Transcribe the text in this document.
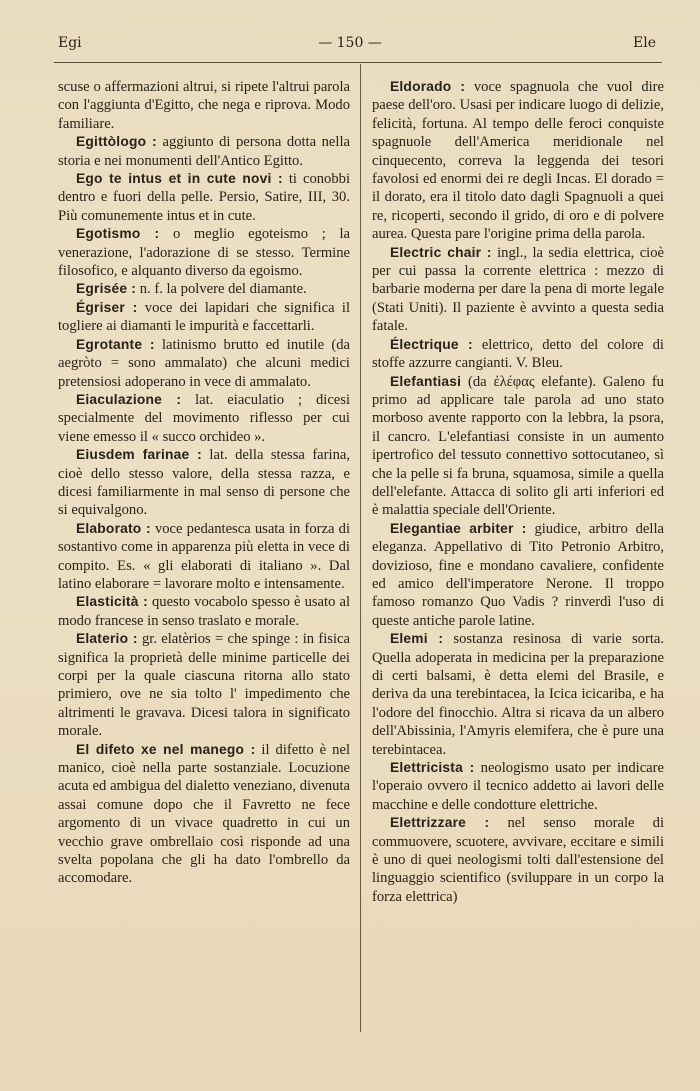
Egi	— 150 —	Ele

scuse o affermazioni altrui, si ripete l'altrui parola con l'aggiunta d'Egitto, che nega e riprova. Modo familiare.

Egittòlogo : aggiunto di persona dotta nella storia e nei monumenti dell'Antico Egitto.

Ego te intus et in cute novi : ti conobbi dentro e fuori della pelle. Persio, Satire, III, 30. Più comunemente intus et in cute.

Egotismo : o meglio egoteismo ; la venerazione, l'adorazione di se stesso. Termine filosofico, e alquanto diverso da egoismo.

Egrisée : n. f. la polvere del diamante.

Égriser : voce dei lapidari che significa il togliere ai diamanti le impurità e faccettarli.

Egrotante : latinismo brutto ed inutile (da aegròto = sono ammalato) che alcuni medici pretensiosi adoperano in vece di ammalato.

Eiaculazione : lat. eiaculatio ; dicesi specialmente del movimento riflesso per cui viene emesso il « succo orchideo ».

Eiusdem farinae : lat. della stessa farina, cioè dello stesso valore, della stessa razza, e dicesi familiarmente in mal senso di persone che si equivalgono.

Elaborato : voce pedantesca usata in forza di sostantivo come in apparenza più eletta in vece di compito. Es. « gli elaborati di italiano ». Dal latino elaborare = lavorare molto e intensamente.

Elasticità : questo vocabolo spesso è usato al modo francese in senso traslato e morale.

Elaterio : gr. elatèrios = che spinge : in fisica significa la proprietà delle minime particelle dei corpi per la quale ciascuna ritorna allo stato primiero, ove ne sia tolto l' impedimento che altrimenti le gravava. Dicesi talora in significato morale.

El difeto xe nel manego : il difetto è nel manico, cioè nella parte sostanziale. Locuzione acuta ed ambigua del dialetto veneziano, divenuta assai comune dopo che il Favretto ne fece argomento di un vivace quadretto in cui un vecchio grave ombrellaio così risponde ad una svelta popolana che gli ha dato l'ombrello da accomodare.

Eldorado : voce spagnuola che vuol dire paese dell'oro. Usasi per indicare luogo di delizie, felicità, fortuna. Al tempo delle feroci conquiste spagnuole dell'America meridionale nel cinquecento, correva la leggenda dei tesori favolosi ed enormi dei re degli Incas. El dorado = il dorato, era il titolo dato dagli Spagnuoli a quei re, ricoperti, secondo il grido, di oro e di polvere aurea. Questa pare l'origine prima della parola.

Electric chair : ingl., la sedia elettrica, cioè per cui passa la corrente elettrica : mezzo di barbarie moderna per dare la pena di morte legale (Stati Uniti). Il paziente è avvinto a questa sedia fatale.

Électrique : elettrico, detto del colore di stoffe azzurre cangianti. V. Bleu.

Elefantiasi (da ἐλέφας elefante). Galeno fu primo ad applicare tale parola ad uno stato morboso avente rapporto con la lebbra, la psora, il cancro. L'elefantiasi consiste in un aumento ipertrofico del tessuto connettivo sottocutaneo, sì che la pelle si fa bruna, squamosa, simile a quella dell'elefante. Attacca di solito gli arti inferiori ed è malattia speciale dell'Oriente.

Elegantiae arbiter : giudice, arbitro della eleganza. Appellativo di Tito Petronio Arbitro, dovizioso, fine e mondano cavaliere, confidente ed amico dell'imperatore Nerone. Il troppo famoso romanzo Quo Vadis ? rinverdì l'uso di queste antiche parole latine.

Elemi : sostanza resinosa di varie sorta. Quella adoperata in medicina per la preparazione di certi balsami, è detta elemi del Brasile, e deriva da una terebintacea, la Icica icicariba, e ha l'odore del finocchio. Altra si ricava da un albero dell'Abissinia, l'Amyris elemifera, che è pure una terebintacea.

Elettricista : neologismo usato per indicare l'operaio ovvero il tecnico addetto ai lavori delle macchine e delle condotture elettriche.

Elettrizzare : nel senso morale di commuovere, scuotere, avvivare, eccitare e simili è uno di quei neologismi tolti dall'estensione del linguaggio scientifico (sviluppare in un corpo la forza elettrica)
